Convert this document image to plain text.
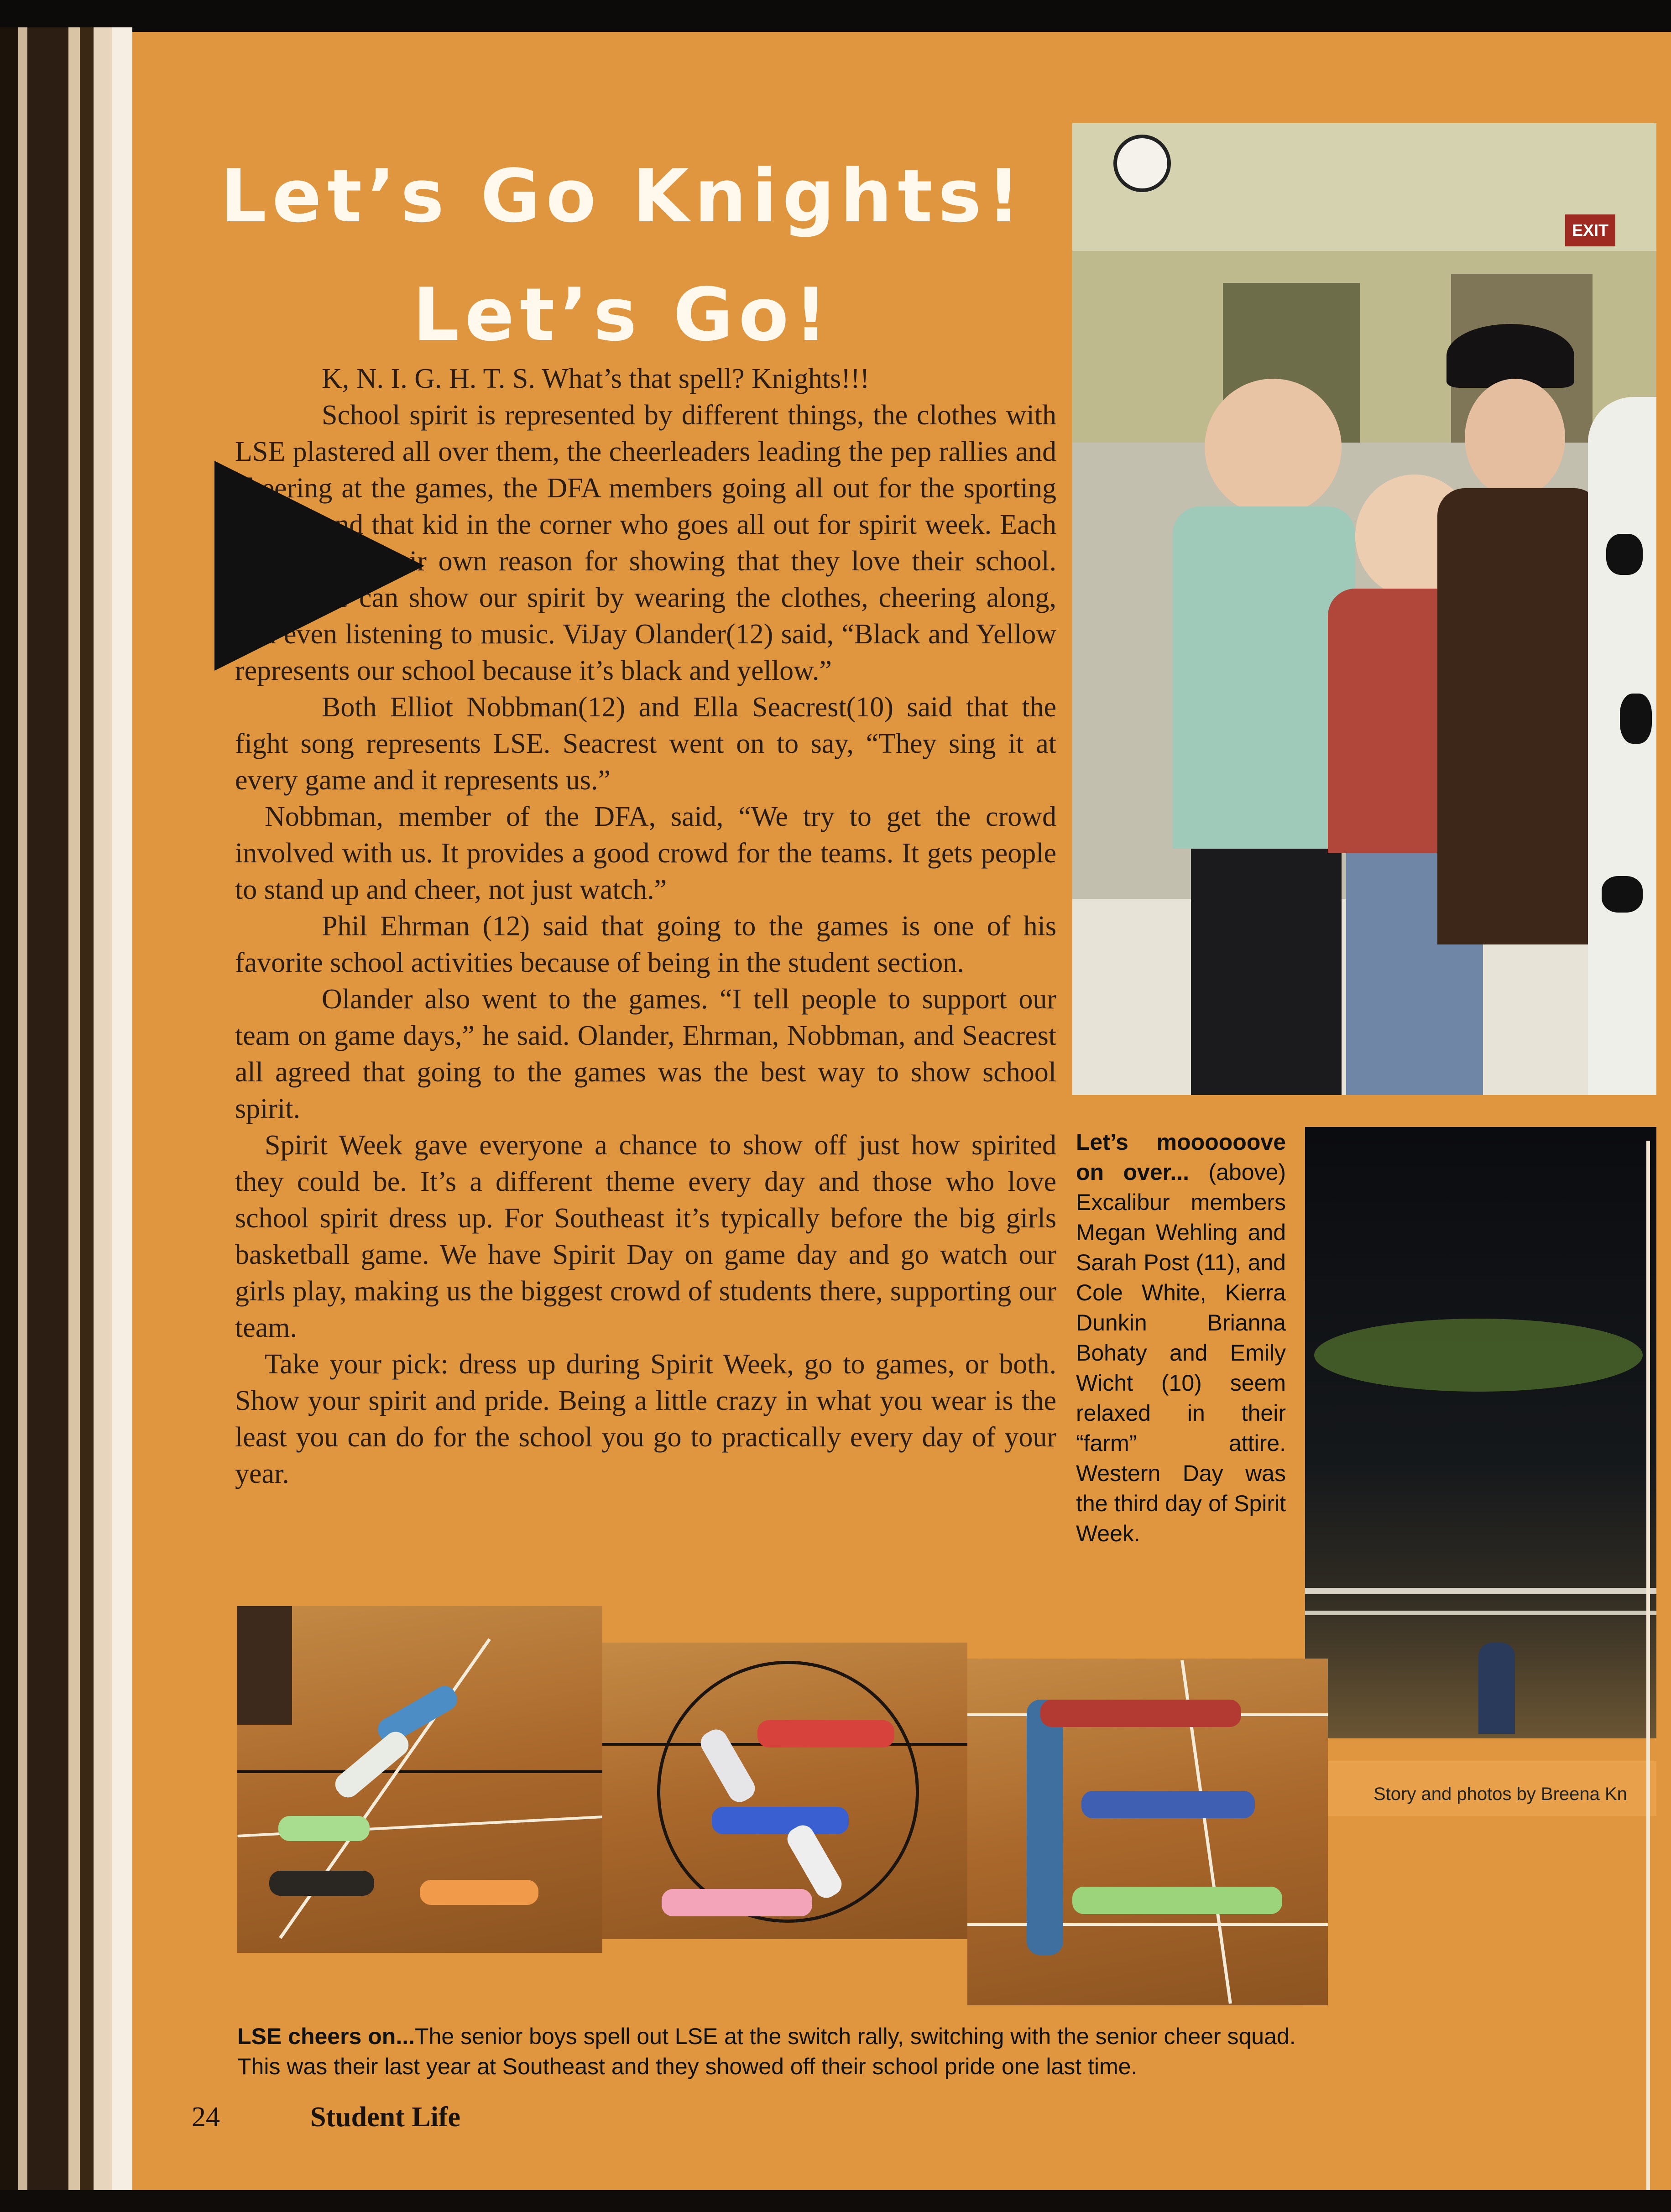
Let’s Go Knights!
Let’s Go!

K, N. I. G. H. T. S. What’s that spell? Knights!!!

School spirit is represented by different things, the clothes with LSE plastered all over them, the cheerleaders leading the pep rallies and cheering at the games, the DFA members going all out for the sporting events, and that kid in the corner who goes all out for spirit week. Each person had their own reason for showing that they love their school. Today we can show our spirit by wearing the clothes, cheering along, and even listening to music. ViJay Olander(12) said, “Black and Yellow represents our school because it’s black and yellow.”

Both Elliot Nobbman(12) and Ella Seacrest(10) said that the fight song represents LSE. Seacrest went on to say, “They sing it at every game and it represents us.”

Nobbman, member of the DFA, said, “We try to get the crowd involved with us. It provides a good crowd for the teams. It gets people to stand up and cheer, not just watch.”

Phil Ehrman (12) said that going to the games is one of his favorite school activities because of being in the student section.

Olander also went to the games. “I tell people to support our team on game days,” he said. Olander, Ehrman, Nobbman, and Seacrest all agreed that going to the games was the best way to show school spirit.

Spirit Week gave everyone a chance to show off just how spirited they could be. It’s a different theme every day and those who love school spirit dress up. For Southeast it’s typically before the big girls basketball game. We have Spirit Day on game day and go watch our girls play, making us the biggest crowd of students there, supporting our team.

Take your pick: dress up during Spirit Week, go to games, or both. Show your spirit and pride. Being a little crazy in what you wear is the least you can do for the school you go to practically every day of your year.

EXIT

Let’s moooooove on over... (above) Excalibur members Megan Wehling and Sarah Post (11), and Cole White, Kierra Dunkin Brianna Bohaty and Emily Wicht (10) seem relaxed in their “farm” attire. Western Day was the third day of Spirit Week.

Story and photos by Breena Kn
LSE cheers on...The senior boys spell out LSE at the switch rally, switching with the senior cheer squad. This was their last year at Southeast and they showed off their school pride one last time.
24	Student Life
